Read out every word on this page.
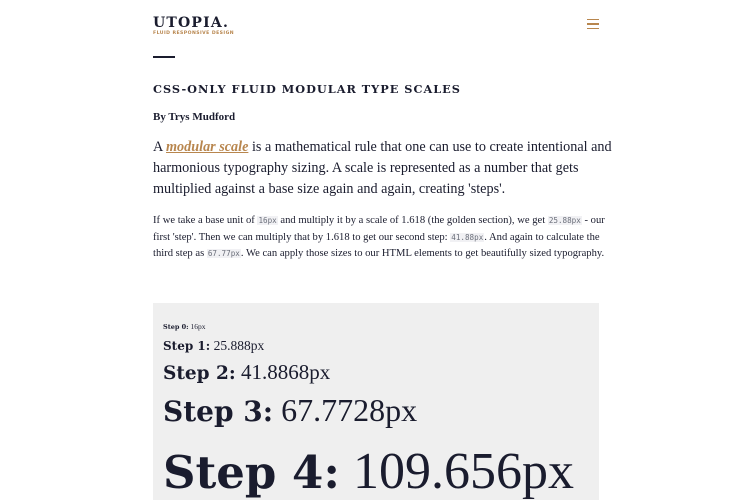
UTOPIA.
FLUID RESPONSIVE DESIGN
CSS-ONLY FLUID MODULAR TYPE SCALES
By Trys Mudford

A modular scale is a mathematical rule that one can use to create intentional and harmonious typography sizing. A scale is represented as a number that gets multiplied against a base size again and again, creating 'steps'.

If we take a base unit of 16px and multiply it by a scale of 1.618 (the golden section), we get 25.88px - our first 'step'. Then we can multiply that by 1.618 to get our second step: 41.88px. And again to calculate the third step as 67.77px. We can apply those sizes to our HTML elements to get beautifully sized typography.

Step 0: 16px
Step 1: 25.888px
Step 2: 41.8868px
Step 3: 67.7728px
Step 4: 109.656px
